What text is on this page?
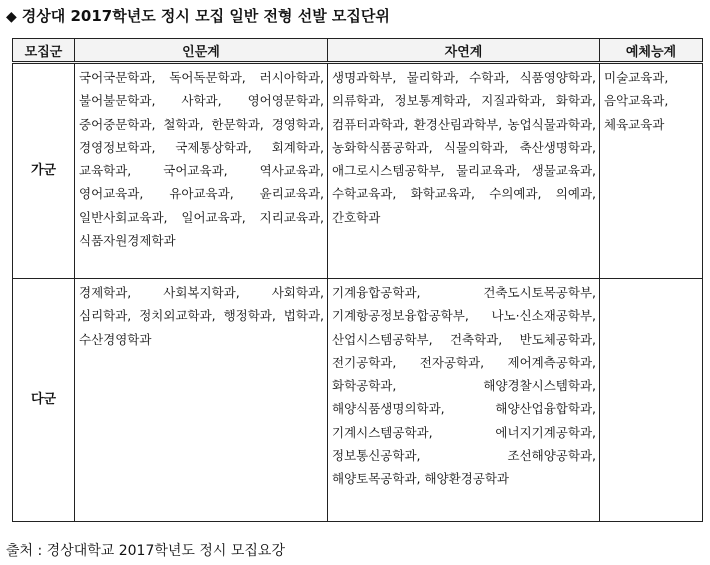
◆ 경상대 2017학년도 정시 모집 일반 전형 선발 모집단위
모집군	인문계	자연계	예체능계
가군	국어국문학과, 독어독문학과, 러시아학과, 불어불문학과, 사학과, 영어영문학과, 중어중문학과, 철학과, 한문학과, 경영학과, 경영정보학과, 국제통상학과, 회계학과, 교육학과, 국어교육과, 역사교육과, 영어교육과, 유아교육과, 윤리교육과, 일반사회교육과, 일어교육과, 지리교육과, 식품자원경제학과	생명과학부, 물리학과, 수학과, 식품영양학과, 의류학과, 정보통계학과, 지질과학과, 화학과, 컴퓨터과학과, 환경산림과학부, 농업식물과학과, 농화학식품공학과, 식물의학과, 축산생명학과, 애그로시스템공학부, 물리교육과, 생물교육과, 수학교육과, 화학교육과, 수의예과, 의예과, 간호학과	미술교육과, 음악교육과, 체육교육과
다군	경제학과, 사회복지학과, 사회학과, 심리학과, 정치외교학과, 행정학과, 법학과, 수산경영학과	기계융합공학과, 건축도시토목공학부, 기계항공정보융합공학부, 나노·신소재공학부, 산업시스템공학부, 건축학과, 반도체공학과, 전기공학과, 전자공학과, 제어계측공학과, 화학공학과, 해양경찰시스템학과, 해양식품생명의학과, 해양산업융합학과, 기계시스템공학과, 에너지기계공학과, 정보통신공학과, 조선해양공학과, 해양토목공학과, 해양환경공학과	
출처 : 경상대학교 2017학년도 정시 모집요강
